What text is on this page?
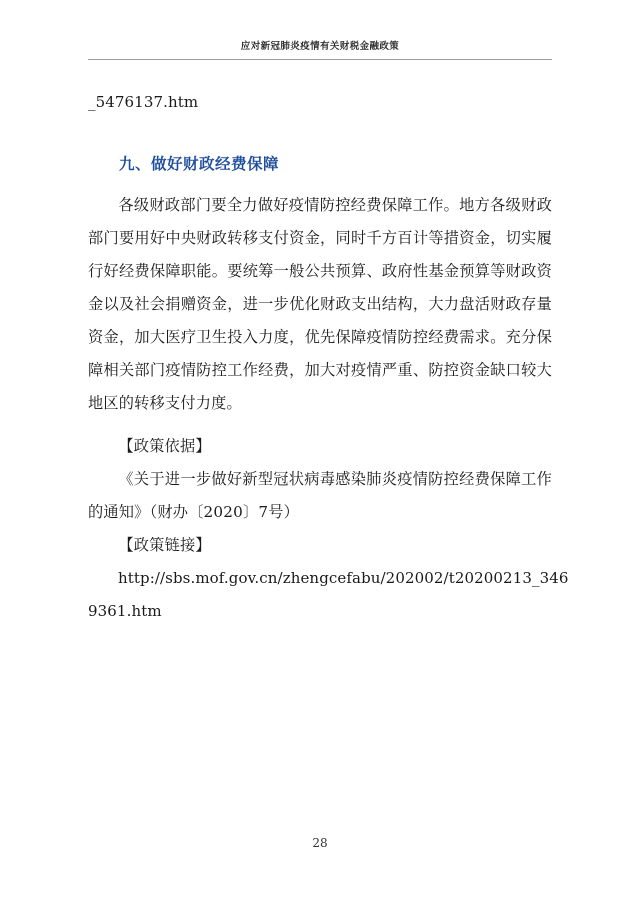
应对新冠肺炎疫情有关财税金融政策

_5476137.htm

九、做好财政经费保障

各级财政部门要全力做好疫情防控经费保障工作。地方各级财政部门要用好中央财政转移支付资金，同时千方百计等措资金，切实履行好经费保障职能。要统筹一般公共预算、政府性基金预算等财政资金以及社会捐赠资金，进一步优化财政支出结构，大力盘活财政存量资金，加大医疗卫生投入力度，优先保障疫情防控经费需求。充分保障相关部门疫情防控工作经费，加大对疫情严重、防控资金缺口较大地区的转移支付力度。

【政策依据】

《关于进一步做好新型冠状病毒感染肺炎疫情防控经费保障工作的通知》（财办〔2020〕7号）

【政策链接】

http://sbs.mof.gov.cn/zhengcefabu/202002/t20200213_346

9361.htm

28
